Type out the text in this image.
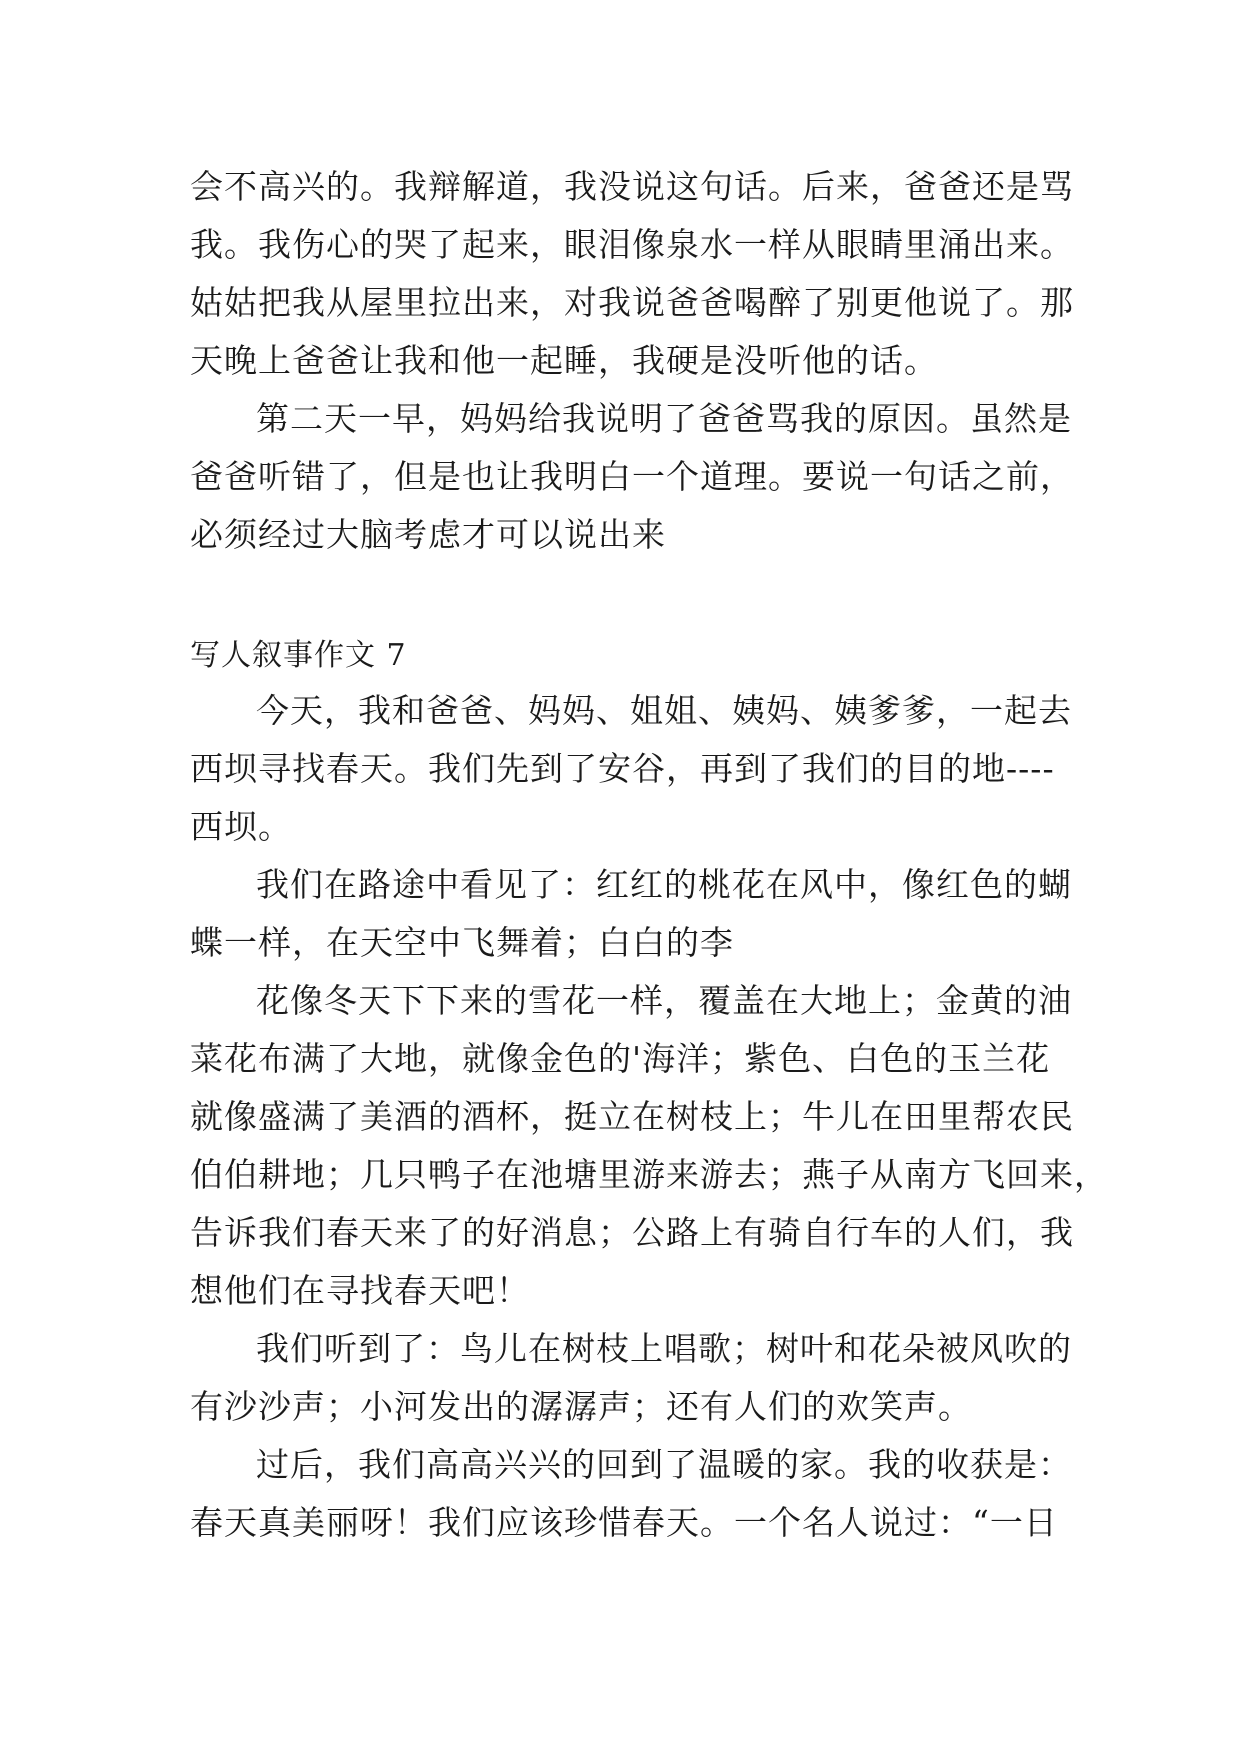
会不高兴的。我辩解道，我没说这句话。后来，爸爸还是骂
我。我伤心的哭了起来，眼泪像泉水一样从眼睛里涌出来。
姑姑把我从屋里拉出来，对我说爸爸喝醉了别更他说了。那
天晚上爸爸让我和他一起睡，我硬是没听他的话。
第二天一早，妈妈给我说明了爸爸骂我的原因。虽然是
爸爸听错了，但是也让我明白一个道理。要说一句话之前，
必须经过大脑考虑才可以说出来
写人叙事作文 7
今天，我和爸爸、妈妈、姐姐、姨妈、姨爹爹，一起去
西坝寻找春天。我们先到了安谷，再到了我们的目的地----
西坝。
我们在路途中看见了：红红的桃花在风中，像红色的蝴
蝶一样，在天空中飞舞着；白白的李
花像冬天下下来的雪花一样，覆盖在大地上；金黄的油
菜花布满了大地，就像金色的'海洋；紫色、白色的玉兰花
就像盛满了美酒的酒杯，挺立在树枝上；牛儿在田里帮农民
伯伯耕地；几只鸭子在池塘里游来游去；燕子从南方飞回来，
告诉我们春天来了的好消息；公路上有骑自行车的人们，我
想他们在寻找春天吧！
我们听到了：鸟儿在树枝上唱歌；树叶和花朵被风吹的
有沙沙声；小河发出的潺潺声；还有人们的欢笑声。
过后，我们高高兴兴的回到了温暖的家。我的收获是：
春天真美丽呀！我们应该珍惜春天。一个名人说过：“一日
